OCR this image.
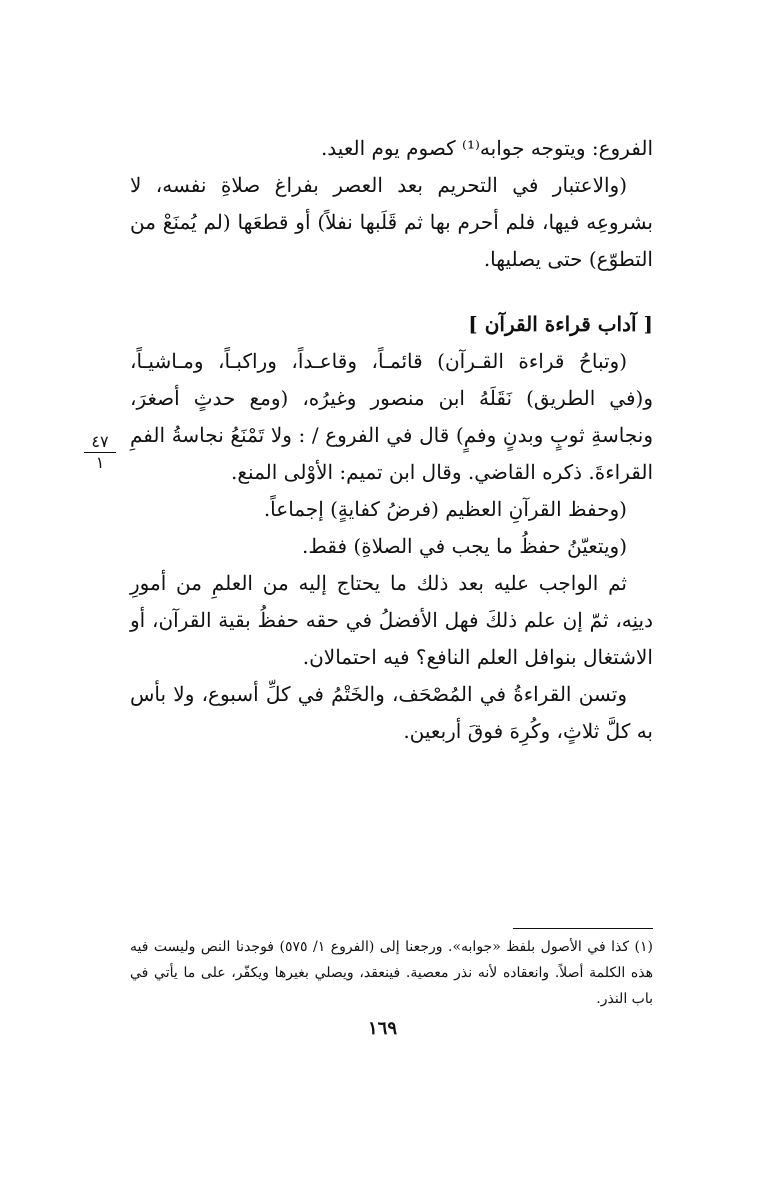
الفروع: ويتوجه جوابه⁽¹⁾ كصوم يوم العيد.

(والاعتبار في التحريم بعد العصر بفراغ صلاةِ نفسه، لا بشروعِه فيها، فلم أحرم بها ثم قَلَبها نفلاً) أو قطعَها (لم يُمنَعْ من التطوّع) حتى يصليها.

[ آداب قراءة القرآن ]

(وتباحُ قراءة القـرآن) قائمـاً، وقاعـداً، وراكبـاً، ومـاشيـاً، و(في الطريق) نَقَلَهُ ابن منصور وغيرُه، (ومع حدثٍ أصغرَ، ونجاسةِ ثوبٍ وبدنٍ وفمٍ) قال في الفروع / : ولا تَمْنَعُ نجاسةُ الفمِ القراءةَ. ذكره القاضي. وقال ابن تميم: الأوْلى المنع.

(وحفظ القرآنِ العظيم (فرضُ كفايةٍ) إجماعاً.

(ويتعيّنُ حفظُ ما يجب في الصلاةِ) فقط.

ثم الواجب عليه بعد ذلك ما يحتاج إليه من العلمِ من أمورِ دينِه، ثمّ إن علم ذلكَ فهل الأفضلُ في حقه حفظُ بقية القرآن، أو الاشتغال بنوافل العلم النافع؟ فيه احتمالان.

وتسن القراءةُ في المُصْحَف، والخَتْمُ في كلِّ أسبوع، ولا بأس به كلَّ ثلاثٍ، وكُرِهَ فوقَ أربعين.

٤٧
١

(١) كذا في الأصول بلفظ «جوابه». ورجعنا إلى (الفروع ١/ ٥٧٥) فوجدنا النص وليست فيه هذه الكلمة أصلاً. وانعقاده لأنه نذر معصية. فينعقد، ويصلي بغيرها ويكفّر، على ما يأتي في باب النذر.

١٦٩
